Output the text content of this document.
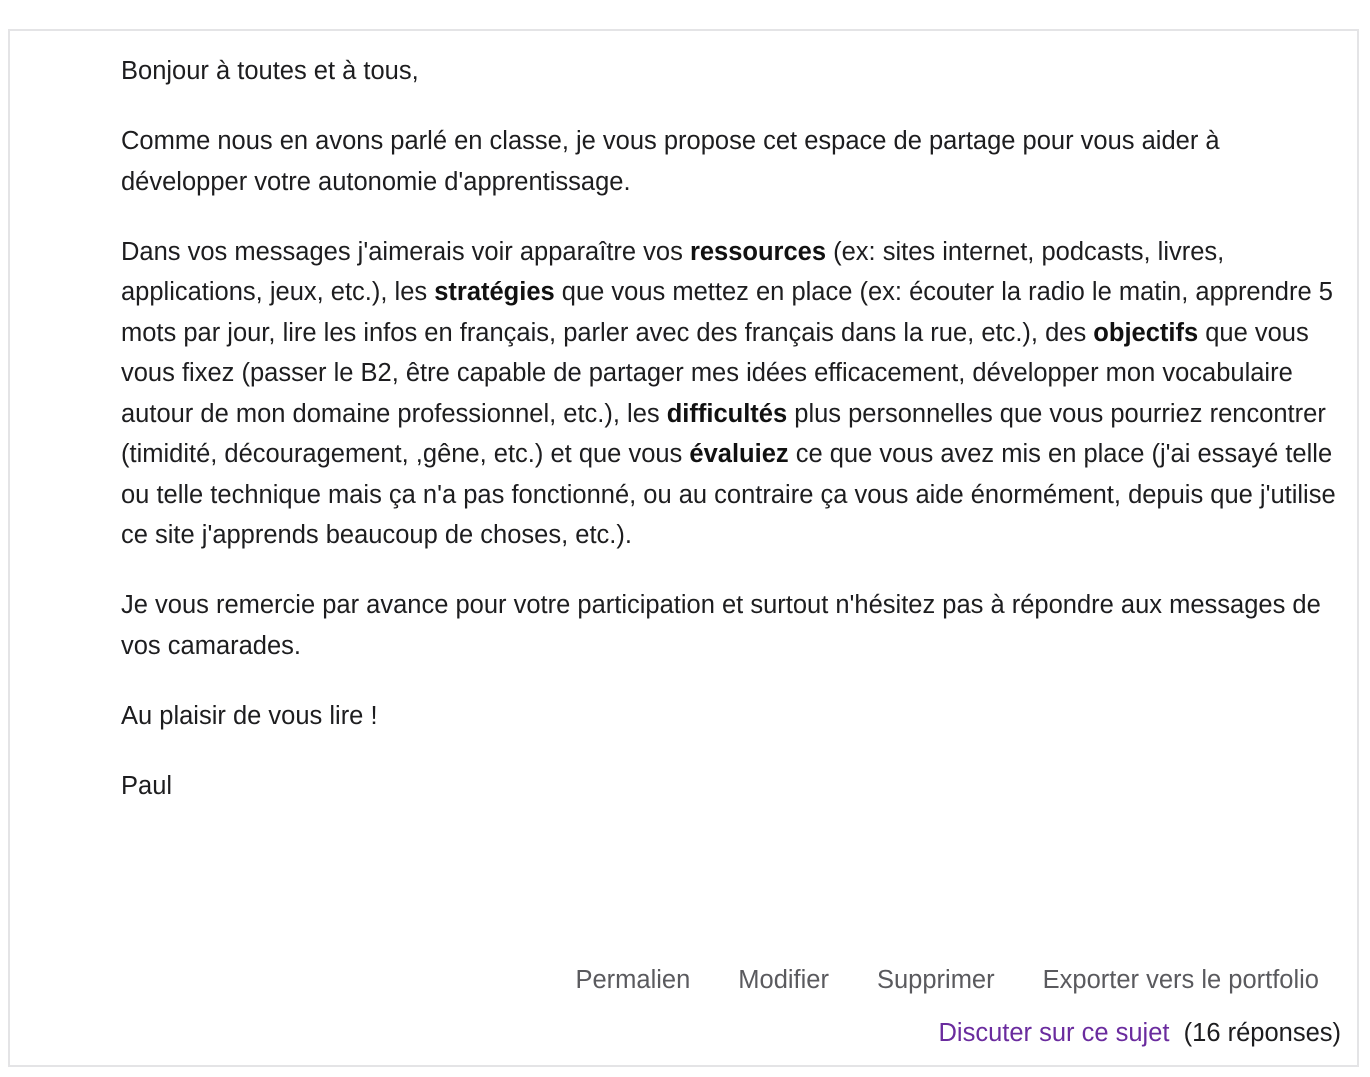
Bonjour à toutes et à tous,

Comme nous en avons parlé en classe, je vous propose cet espace de partage pour vous aider à développer votre autonomie d'apprentissage.

Dans vos messages j'aimerais voir apparaître vos ressources (ex: sites internet, podcasts, livres, applications, jeux, etc.), les stratégies que vous mettez en place (ex: écouter la radio le matin, apprendre 5 mots par jour, lire les infos en français, parler avec des français dans la rue, etc.), des objectifs que vous vous fixez (passer le B2, être capable de partager mes idées efficacement, développer mon vocabulaire autour de mon domaine professionnel, etc.), les difficultés plus personnelles que vous pourriez rencontrer (timidité, découragement, ,gêne, etc.) et que vous évaluiez ce que vous avez mis en place (j'ai essayé telle ou telle technique mais ça n'a pas fonctionné, ou au contraire ça vous aide énormément, depuis que j'utilise ce site j'apprends beaucoup de choses, etc.).

Je vous remercie par avance pour votre participation et surtout n'hésitez pas à répondre aux messages de vos camarades.

Au plaisir de vous lire !

Paul

Permalien Modifier Supprimer Exporter vers le portfolio
Discuter sur ce sujet (16 réponses)
